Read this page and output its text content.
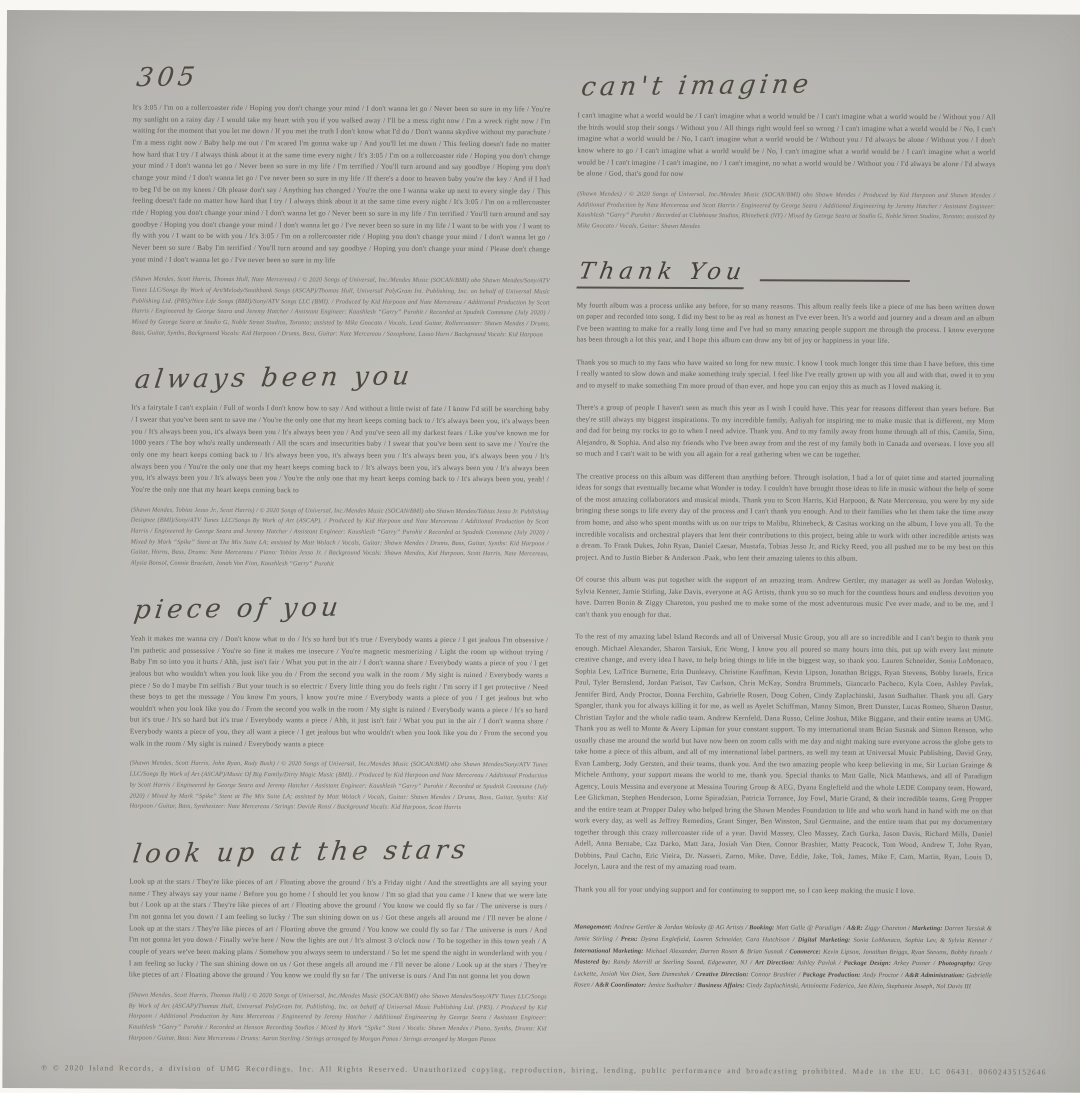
305

It's 3:05 / I'm on a rollercoaster ride / Hoping you don't change your mind / I don't wanna let go / Never been so sure in my life / You're my sunlight on a rainy day / I would take my heart with you if you walked away / I'll be a mess right now / I'm a wreck right now / I'm waiting for the moment that you let me down / If you met the truth I don't know what I'd do / Don't wanna skydive without my parachute / I'm a mess right now / Baby help me out / I'm scared I'm gonna wake up / And you'll let me down / This feeling doesn't fade no matter how hard that I try / I always think about it at the same time every night / It's 3:05 / I'm on a rollercoaster ride / Hoping you don't change your mind / I don't wanna let go / Never been so sure in my life / I'm terrified / You'll turn around and say goodbye / Hoping you don't change your mind / I don't wanna let go / I've never been so sure in my life / If there's a door to heaven baby you're the key / And if I had to beg I'd be on my knees / Oh please don't say / Anything has changed / You're the one I wanna wake up next to every single day / This feeling doesn't fade no matter how hard that I try / I always think about it at the same time every night / It's 3:05 / I'm on a rollercoaster ride / Hoping you don't change your mind / I don't wanna let go / Never been so sure in my life / I'm terrified / You'll turn around and say goodbye / Hoping you don't change your mind / I don't wanna let go / I've never been so sure in my life / I want to be with you / I want to fly with you / I want to be with you / It's 3:05 / I'm on a rollercoaster ride / Hoping you don't change your mind / I don't wanna let go / Never been so sure / Baby I'm terrified / You'll turn around and say goodbye / Hoping you don't change your mind / Please don't change your mind / I don't wanna let go / I've never been so sure in my life

(Shawn Mendes, Scott Harris, Thomas Hull, Nate Mercereau) / © 2020 Songs of Universal, Inc./Mendes Music (SOCAN/BMI) obo Shawn Mendes/Sony/ATV Tunes LLC/Songs By Work of Art/Melody/Southbank Songs (ASCAP)/Thomas Hull, Universal PolyGram Int. Publishing, Inc. on behalf of Universal Music Publishing Ltd. (PRS)/Nice Life Songs (BMI)/Sony/ATV Songs LLC (BMI). / Produced by Kid Harpoon and Nate Mercereau / Additional Production by Scott Harris / Engineered by George Seara and Jeremy Hatcher / Assistant Engineer: Kaushlesh “Garry” Purohit / Recorded at Spudnik Commune (July 2020) / Mixed by George Seara at Studio G, Noble Street Studios, Toronto; assisted by Mike Gnocato / Vocals, Lead Guitar, Rollercoaster: Shawn Mendes / Drums, Bass, Guitar, Synths, Background Vocals: Kid Harpoon / Drums, Bass, Guitar: Nate Mercereau / Saxophone, Lasso Horn / Background Vocals: Kid Harpoon

always been you

It's a fairytale I can't explain / Full of words I don't know how to say / And without a little twist of fate / I know I'd still be searching baby / I swear that you've been sent to save me / You're the only one that my heart keeps coming back to / It's always been you, it's always been you / It's always been you, it's always been you / It's always been you / And you've seen all my darkest fears / Like you've known me for 1000 years / The boy who's really underneath / All the scars and insecurities baby / I swear that you've been sent to save me / You're the only one my heart keeps coming back to / It's always been you, it's always been you / It's always been you, it's always been you / It's always been you / You're the only one that my heart keeps coming back to / It's always been you, it's always been you / It's always been you, it's always been you / It's always been you / You're the only one that my heart keeps coming back to / It's always been you, yeah! / You're the only one that my heart keeps coming back to

(Shawn Mendes, Tobias Jesso Jr., Scott Harris) / © 2020 Songs of Universal, Inc./Mendes Music (SOCAN/BMI) obo Shawn Mendes/Tobias Jesso Jr. Publishing Designee (BMI)/Sony/ATV Tunes LLC/Songs By Work of Art (ASCAP). / Produced by Kid Harpoon and Nate Mercereau / Additional Production by Scott Harris / Engineered by George Seara and Jeremy Hatcher / Assistant Engineer: Kaushlesh “Garry” Purohit / Recorded at Spudnik Commune (July 2020) / Mixed by Mark “Spike” Stent at The Mix Suite LA; assisted by Matt Wolach / Vocals, Guitar: Shawn Mendes / Drums, Bass, Guitar, Synths: Kid Harpoon / Guitar, Horns, Bass, Drums: Nate Mercereau / Piano: Tobias Jesso Jr. / Background Vocals: Shawn Mendes, Kid Harpoon, Scott Harris, Nate Mercereau, Alysia Bonsol, Connie Brackett, Jonah Von Finn, Kaushlesh “Garry” Purohit

piece of you

Yeah it makes me wanna cry / Don't know what to do / It's so hard but it's true / Everybody wants a piece / I get jealous I'm obsessive / I'm pathetic and possessive / You're so fine it makes me insecure / You're magnetic mesmerizing / Light the room up without trying / Baby I'm so into you it hurts / Ahh, just isn't fair / What you put in the air / I don't wanna share / Everybody wants a piece of you / I get jealous but who wouldn't when you look like you do / From the second you walk in the room / My sight is ruined / Everybody wants a piece / So do I maybe I'm selfish / But your touch is so electric / Every little thing you do feels right / I'm sorry if I get protective / Need these boys to get the message / You know I'm yours, I know you're mine / Everybody wants a piece of you / I get jealous but who wouldn't when you look like you do / From the second you walk in the room / My sight is ruined / Everybody wants a piece / It's so hard but it's true / It's so hard but it's true / Everybody wants a piece / Ahh, it just isn't fair / What you put in the air / I don't wanna share / Everybody wants a piece of you, they all want a piece / I get jealous but who wouldn't when you look like you do / From the second you walk in the room / My sight is ruined / Everybody wants a piece

(Shawn Mendes, Scott Harris, John Ryan, Rudy Bush) / © 2020 Songs of Universal, Inc./Mendes Music (SOCAN/BMI) obo Shawn Mendes/Sony/ATV Tunes LLC/Songs By Work of Art (ASCAP)/Music Of Big Family/Dirty Magic Music (BMI). / Produced by Kid Harpoon and Nate Mercereau / Additional Production by Scott Harris / Engineered by George Seara and Jeremy Hatcher / Assistant Engineer: Kaushlesh “Garry” Purohit / Recorded at Spudnik Commune (July 2020) / Mixed by Mark “Spike” Stent at The Mix Suite LA; assisted by Matt Wolach / Vocals, Guitar: Shawn Mendes / Drums, Bass, Guitar, Synths: Kid Harpoon / Guitar, Bass, Synthesizer: Nate Mercereau / Strings: Davide Rossi / Background Vocals: Kid Harpoon, Scott Harris

look up at the stars

Look up at the stars / They're like pieces of art / Floating above the ground / It's a Friday night / And the streetlights are all saying your name / They always say your name / Before you go home / I should let you know / I'm so glad that you came / I knew that we were late but / Look up at the stars / They're like pieces of art / Floating above the ground / You know we could fly so far / The universe is ours / I'm not gonna let you down / I am feeling so lucky / The sun shining down on us / Got these angels all around me / I'll never be alone / Look up at the stars / They're like pieces of art / Floating above the ground / You know we could fly so far / The universe is ours / And I'm not gonna let you down / Finally we're here / Now the lights are out / It's almost 3 o'clock now / To be together in this town yeah / A couple of years we've been making plans / Somehow you always seem to understand / So let me spend the night in wonderland with you / I am feeling so lucky / The sun shining down on us / Got these angels all around me / I'll never be alone / Look up at the stars / They're like pieces of art / Floating above the ground / You know we could fly so far / The universe is ours / And I'm not gonna let you down

(Shawn Mendes, Scott Harris, Thomas Hull) / © 2020 Songs of Universal, Inc./Mendes Music (SOCAN/BMI) obo Shawn Mendes/Sony/ATV Tunes LLC/Songs By Work of Art (ASCAP)/Thomas Hull, Universal PolyGram Int. Publishing, Inc. on behalf of Universal Music Publishing Ltd. (PRS). / Produced by Kid Harpoon / Additional Production by Nate Mercereau / Engineered by Jeremy Hatcher / Additional Engineering by George Seara / Assistant Engineer: Kaushlesh “Garry” Purohit / Recorded at Henson Recording Studios / Mixed by Mark “Spike” Stent / Vocals: Shawn Mendes / Piano, Synths, Drums: Kid Harpoon / Guitar, Bass: Nate Mercereau / Drums: Aaron Sterling / Strings arranged by Morgan Panos / Strings arranged by Morgan Panos

can't imagine

I can't imagine what a world would be / I can't imagine what a world would be / I can't imagine what a world would be / Without you / All the birds would stop their songs / Without you / All things right would feel so wrong / I can't imagine what a world would be / No, I can't imagine what a world would be / No, I can't imagine what a world would be / Without you / I'd always be alone / Without you / I don't know where to go / I can't imagine what a world would be / No, I can't imagine what a world would be / I can't imagine what a world would be / I can't imagine / I can't imagine, no / I can't imagine, no what a world would be / Without you / I'd always be alone / I'd always be alone / God, that's good for now

(Shawn Mendes) / © 2020 Songs of Universal, Inc./Mendes Music (SOCAN/BMI) obo Shawn Mendes / Produced by Kid Harpoon and Shawn Mendes / Additional Production by Nate Mercereau and Scott Harris / Engineered by George Seara / Additional Engineering by Jeremy Hatcher / Assistant Engineer: Kaushlesh “Garry” Purohit / Recorded at Clubhouse Studios, Rhinebeck (NY) / Mixed by George Seara at Studio G, Noble Street Studios, Toronto; assisted by Mike Gnocato / Vocals, Guitar: Shawn Mendes

Thank You

My fourth album was a process unlike any before, for so many reasons. This album really feels like a piece of me has been written down on paper and recorded into song. I did my best to be as real as honest as I've ever been. It's a world and journey and a dream and an album I've been wanting to make for a really long time and I've had so many amazing people support me through the process. I know everyone has been through a lot this year, and I hope this album can draw any bit of joy or happiness in your life.

Thank you so much to my fans who have waited so long for new music. I know I took much longer this time than I have before, this time I really wanted to slow down and make something truly special. I feel like I've really grown up with you all and with that, owed it to you and to myself to make something I'm more proud of than ever, and hope you can enjoy this as much as I loved making it.

There's a group of people I haven't seen as much this year as I wish I could have. This year for reasons different than years before. But they're still always my biggest inspirations. To my incredible family, Aaliyah for inspiring me to make music that is different, my Mom and dad for being my rocks to go to when I need advice. Thank you. And to my family away from home through all of this, Camila, Sinu, Alejandro, & Sophia. And also my friends who I've been away from and the rest of my family both in Canada and overseas. I love you all so much and I can't wait to be with you all again for a real gathering when we can be together.

The creative process on this album was different than anything before. Through isolation, I had a lot of quiet time and started journaling ideas for songs that eventually became what Wonder is today. I couldn't have brought those ideas to life in music without the help of some of the most amazing collaborators and musical minds. Thank you to Scott Harris, Kid Harpoon, & Nate Mercereau, you were by my side bringing these songs to life every day of the process and I can't thank you enough. And to their families who let them take the time away from home, and also who spent months with us on our trips to Malibu, Rhinebeck, & Casitas working on the album, I love you all. To the incredible vocalists and orchestral players that lent their contributions to this project, being able to work with other incredible artists was a dream. To Frank Dukes, John Ryan, Daniel Caesar, Mustafa, Tobias Jesso Jr, and Ricky Reed, you all pushed me to be my best on this project. And to Justin Bieber & Anderson .Paak, who lent their amazing talents to this album.

Of course this album was put together with the support of an amazing team. Andrew Gertler, my manager as well as Jordan Wolosky, Sylvia Kenner, Jamie Stirling, Jake Davis, everyone at AG Artists, thank you so so much for the countless hours and endless devotion you have. Darren Bonin & Ziggy Chareton, you pushed me to make some of the most adventurous music I've ever made, and to be me, and I can't thank you enough for that.

To the rest of my amazing label Island Records and all of Universal Music Group, you all are so incredible and I can't begin to thank you enough. Michael Alexander, Sharon Tarsiuk, Eric Wong, I know you all poured so many hours into this, put up with every last minute creative change, and every idea I have, to help bring things to life in the biggest way, so thank you. Lauren Schneider, Sonia LoMonaco, Sophia Lev, LaTrice Burnette, Erin Dunleavy, Christine Kauffman, Kevin Lipson, Jonathan Briggs, Ryan Stevens, Bobby Israels, Erica Paul, Tyler Bernslend, Jordan Parisot, Tav Carlson, Chris McKay, Sondra Brummels, Giancarlo Pacheco, Kyla Coen, Ashley Pavlak, Jennifer Bird, Andy Proctor, Donna Ferchito, Gabrielle Rosen, Doug Cohen, Cindy Zaplachinski, Jason Sudhalter. Thank you all. Gary Spangler, thank you for always killing it for me, as well as Ayelet Schiffman, Manny Simon, Brett Dunster, Lucas Romeo, Sharon Dastur, Christian Taylor and the whole radio team. Andrew Kernfeld, Dana Russo, Celine Joshua, Mike Biggane, and their entire teams at UMG. Thank you as well to Monte & Avery Lipman for your constant support. To my international team Brian Susnak and Simon Renson, who usually chase me around the world but have now been on zoom calls with me day and night making sure everyone across the globe gets to take home a piece of this album, and all of my international label partners, as well my team at Universal Music Publishing, David Gray, Evan Lamberg, Jody Gersten, and their teams, thank you. And the two amazing people who keep believing in me, Sir Lucian Grainge & Michele Anthony, your support means the world to me, thank you. Special thanks to Matt Galle, Nick Matthews, and all of Paradigm Agency, Louis Messina and everyone at Messina Touring Group & AEG, Dyana Englefield and the whole LEDE Company team, Howard, Lee Glickman, Stephen Henderson, Lorne Spiradzian, Patricia Torrance, Joy Fowl, Marie Grand, & their incredible teams, Greg Propper and the entire team at Propper Daley who helped bring the Shawn Mendes Foundation to life and who work hand in hand with me on that work every day, as well as Jeffrey Remedios, Grant Singer, Ben Winston, Saul Germaine, and the entire team that put my documentary together through this crazy rollercoaster ride of a year. David Massey, Cleo Massey, Zach Gurka, Jason Davis, Richard Mills, Daniel Adell, Anna Bernabe, Caz Darko, Matt Jara, Josiah Van Dien, Connor Brashier, Matty Peacock, Tom Wood, Andrew T, John Ryan, Dobbins, Paul Cacho, Eric Vieira, Dr. Nasseri, Zarno, Mike, Dave, Eddie, Jake, Tok, James, Mike F, Cam, Martin, Ryan, Louis D, Jocelyn, Laura and the rest of my amazing road team.

Thank you all for your undying support and for continuing to support me, so I can keep making the music I love.

Management: Andrew Gertler & Jordan Wolosky @ AG Artists / Booking: Matt Galle @ Paradigm / A&R: Ziggy Chareton / Marketing: Darren Tarsiuk & Jamie Stirling / Press: Dyana Englefield, Lauren Schneider, Cara Hutchison / Digital Marketing: Sonia LoMonaco, Sophia Lev, & Sylvia Kenner / International Marketing: Michael Alexander, Darren Rosen & Brian Susnak / Commerce: Kevin Lipson, Jonathan Briggs, Ryan Stevens, Bobby Israels / Mastered by: Randy Merrill at Sterling Sound, Edgewater, NJ / Art Direction: Ashley Pavlak / Package Design: Arkey Posner / Photography: Gray Luckette, Josiah Van Dien, Sam Dameshek / Creative Direction: Connor Brashier / Package Production: Andy Proctor / A&R Administration: Gabrielle Rosen / A&R Coordinator: Jenice Sudhalter / Business Affairs: Cindy Zaplachinski, Antoinette Federico, Jan Klein, Stephanie Joseph, Nol Davis III
℗ © 2020 Island Records, a division of UMG Recordings, Inc. All Rights Reserved. Unauthorized copying, reproduction, hiring, lending, public performance and broadcasting prohibited. Made in the EU. LC 06431. 00602435152646
